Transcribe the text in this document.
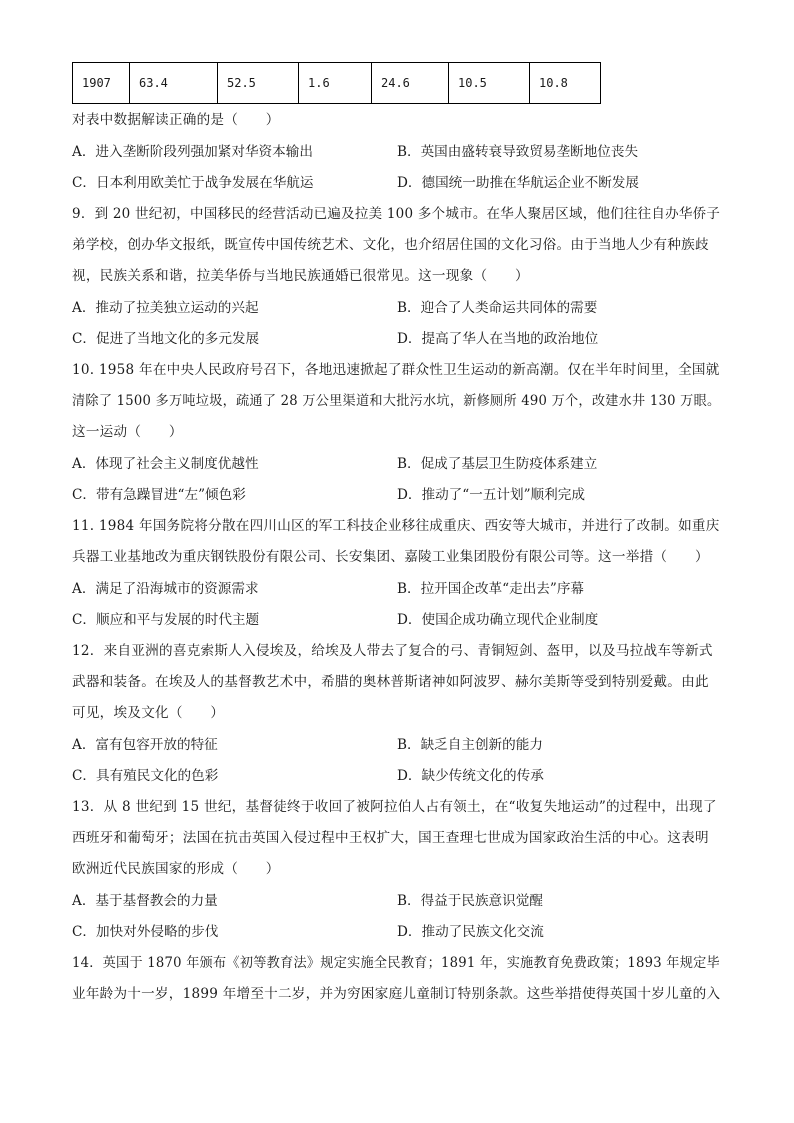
1907	63.4	52.5	1.6	24.6	10.5	10.8
对表中数据解读正确的是（　　）
A．进入垄断阶段列强加紧对华资本输出	B．英国由盛转衰导致贸易垄断地位丧失
C．日本利用欧美忙于战争发展在华航运	D．德国统一助推在华航运企业不断发展
9．到 20 世纪初，中国移民的经营活动已遍及拉美 100 多个城市。在华人聚居区域，他们往往自办华侨子
弟学校，创办华文报纸，既宣传中国传统艺术、文化，也介绍居住国的文化习俗。由于当地人少有种族歧
视，民族关系和谐，拉美华侨与当地民族通婚已很常见。这一现象（　　）
A．推动了拉美独立运动的兴起	B．迎合了人类命运共同体的需要
C．促进了当地文化的多元发展	D．提高了华人在当地的政治地位
10. 1958 年在中央人民政府号召下，各地迅速掀起了群众性卫生运动的新高潮。仅在半年时间里，全国就
清除了 1500 多万吨垃圾，疏通了 28 万公里渠道和大批污水坑，新修厕所 490 万个，改建水井 130 万眼。
这一运动（　　）
A．体现了社会主义制度优越性	B．促成了基层卫生防疫体系建立
C．带有急躁冒进“左”倾色彩	D．推动了“一五计划”顺利完成
11. 1984 年国务院将分散在四川山区的军工科技企业移往成重庆、西安等大城市，并进行了改制。如重庆
兵器工业基地改为重庆钢铁股份有限公司、长安集团、嘉陵工业集团股份有限公司等。这一举措（　　）
A．满足了沿海城市的资源需求	B．拉开国企改革“走出去”序幕
C．顺应和平与发展的时代主题	D．使国企成功确立现代企业制度
12．来自亚洲的喜克索斯人入侵埃及，给埃及人带去了复合的弓、青铜短剑、盔甲，以及马拉战车等新式
武器和装备。在埃及人的基督教艺术中，希腊的奥林普斯诸神如阿波罗、赫尔美斯等受到特别爱戴。由此
可见，埃及文化（　　）
A．富有包容开放的特征	B．缺乏自主创新的能力
C．具有殖民文化的色彩	D．缺少传统文化的传承
13．从 8 世纪到 15 世纪，基督徒终于收回了被阿拉伯人占有领土，在“收复失地运动”的过程中，出现了
西班牙和葡萄牙；法国在抗击英国入侵过程中王权扩大，国王查理七世成为国家政治生活的中心。这表明
欧洲近代民族国家的形成（　　）
A．基于基督教会的力量	B．得益于民族意识觉醒
C．加快对外侵略的步伐	D．推动了民族文化交流
14．英国于 1870 年颁布《初等教育法》规定实施全民教育；1891 年，实施教育免费政策；1893 年规定毕
业年龄为十一岁，1899 年增至十二岁，并为穷困家庭儿童制订特别条款。这些举措使得英国十岁儿童的入
